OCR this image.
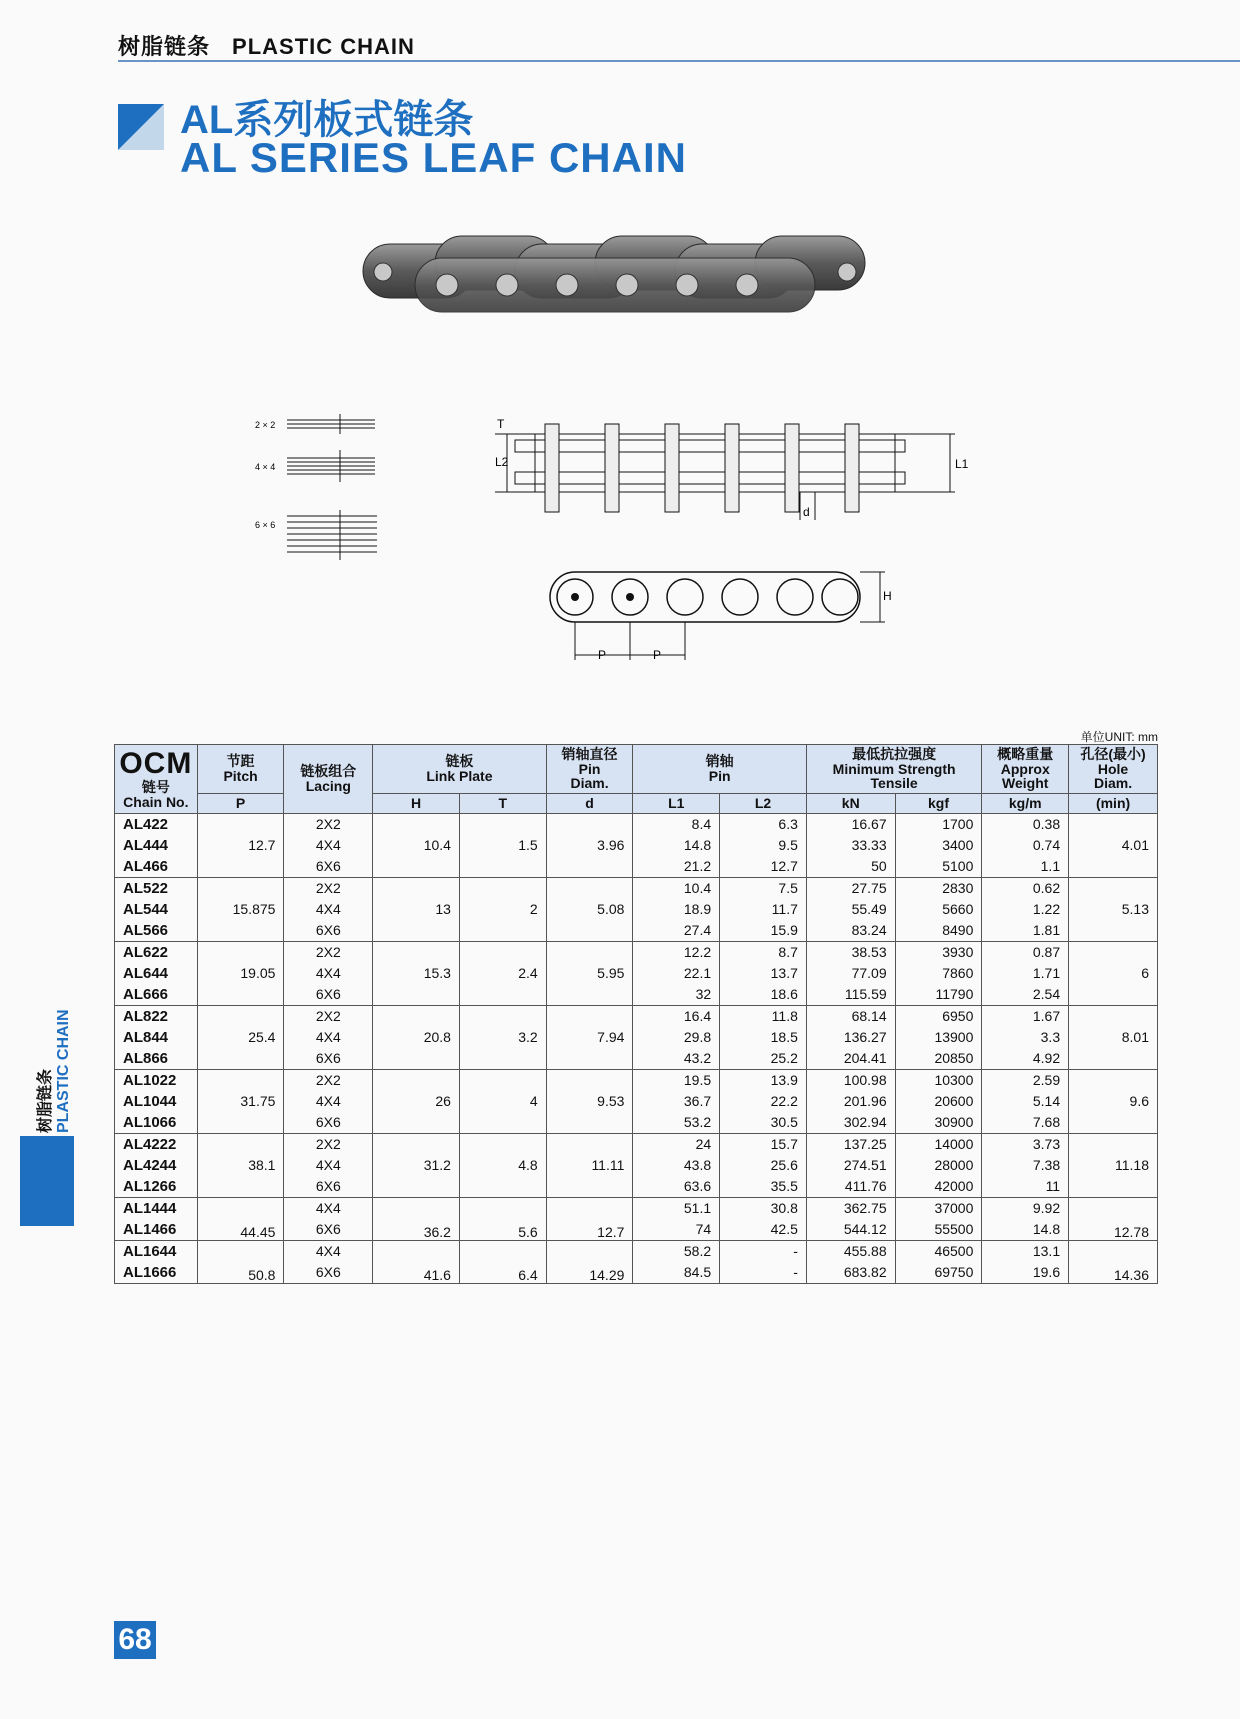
树脂链条 PLASTIC CHAIN
AL系列板式链条
AL SERIES LEAF CHAIN
2 × 2
4 × 4
6 × 6
T
L2	L1
d
H
P	P
单位UNIT: mm
OCM
链号
Chain No.	节距
Pitch	链板组合
Lacing	链板
Link Plate		销轴直径
Pin
Diam.	销轴
Pin		最低抗拉强度
Minimum Strength
Tensile		概略重量
Approx
Weight	孔径(最小)
Hole
Diam.
	P		H	T	d	L1	L2	kN	kgf	kg/m	(min)
AL422	12.7	2X2	10.4	1.5	3.96	8.4	6.3	16.67	1700	0.38	4.01
AL444		4X4				14.8	9.5	33.33	3400	0.74	
AL466		6X6				21.2	12.7	50	5100	1.1	
AL522	15.875	2X2	13	2	5.08	10.4	7.5	27.75	2830	0.62	5.13
AL544		4X4				18.9	11.7	55.49	5660	1.22	
AL566		6X6				27.4	15.9	83.24	8490	1.81	
AL622	19.05	2X2	15.3	2.4	5.95	12.2	8.7	38.53	3930	0.87	6
AL644		4X4				22.1	13.7	77.09	7860	1.71	
AL666		6X6				32	18.6	115.59	11790	2.54	
AL822	25.4	2X2	20.8	3.2	7.94	16.4	11.8	68.14	6950	1.67	8.01
AL844		4X4				29.8	18.5	136.27	13900	3.3	
AL866		6X6				43.2	25.2	204.41	20850	4.92	
AL1022	31.75	2X2	26	4	9.53	19.5	13.9	100.98	10300	2.59	9.6
AL1044		4X4				36.7	22.2	201.96	20600	5.14	
AL1066		6X6				53.2	30.5	302.94	30900	7.68	
AL4222	38.1	2X2	31.2	4.8	11.11	24	15.7	137.25	14000	3.73	11.18
AL4244		4X4				43.8	25.6	274.51	28000	7.38	
AL1266		6X6				63.6	35.5	411.76	42000	11	
AL1444	44.45	4X4	36.2	5.6	12.7	51.1	30.8	362.75	37000	9.92	12.78
AL1466		6X6				74	42.5	544.12	55500	14.8	
AL1644	50.8	4X4	41.6	6.4	14.29	58.2	-	455.88	46500	13.1	14.36
AL1666		6X6				84.5	-	683.82	69750	19.6	
树脂链条 PLASTIC CHAIN
68
